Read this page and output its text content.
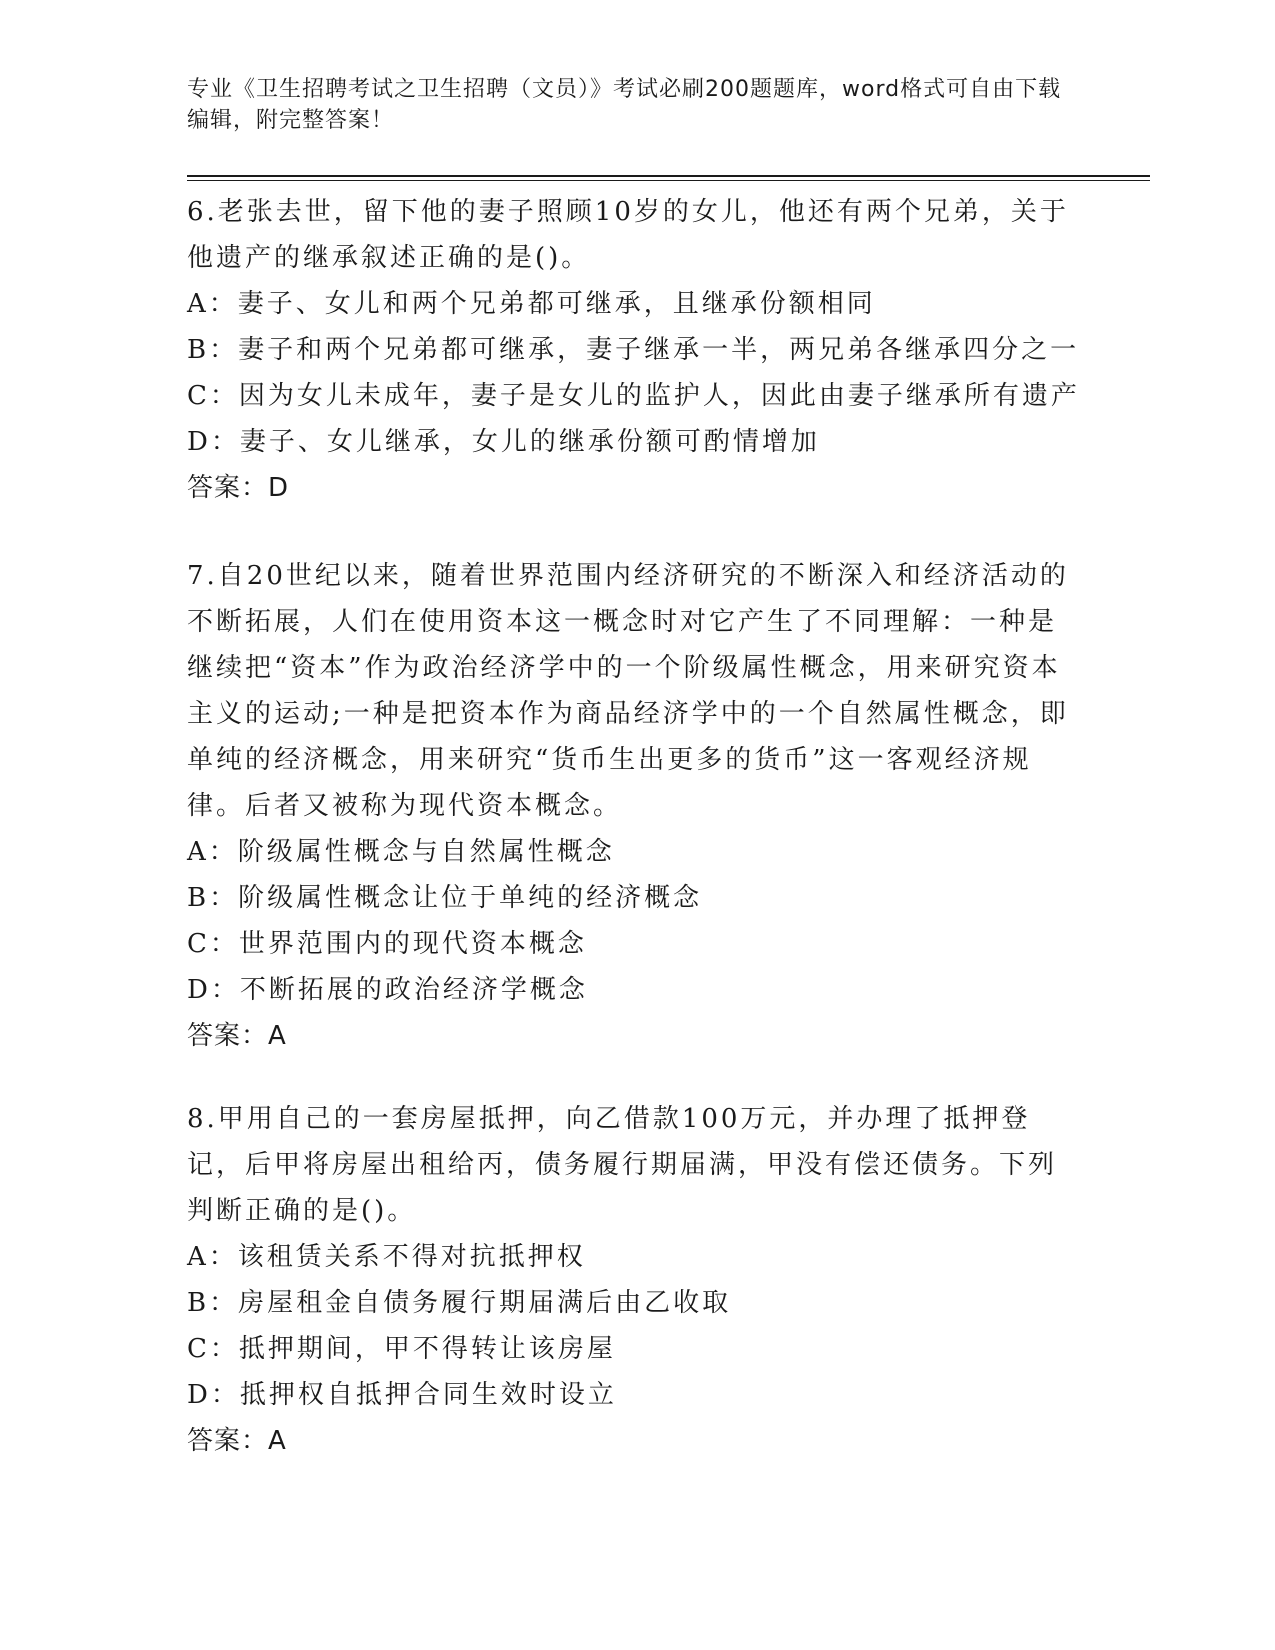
专业《卫生招聘考试之卫生招聘（文员）》考试必刷200题题库，word格式可自由下载编辑，附完整答案！

6.老张去世，留下他的妻子照顾10岁的女儿，他还有两个兄弟，关于他遗产的继承叙述正确的是()。

A：妻子、女儿和两个兄弟都可继承，且继承份额相同

B：妻子和两个兄弟都可继承，妻子继承一半，两兄弟各继承四分之一

C：因为女儿未成年，妻子是女儿的监护人，因此由妻子继承所有遗产

D：妻子、女儿继承，女儿的继承份额可酌情增加

答案：D

7.自20世纪以来，随着世界范围内经济研究的不断深入和经济活动的不断拓展，人们在使用资本这一概念时对它产生了不同理解：一种是继续把“资本”作为政治经济学中的一个阶级属性概念，用来研究资本主义的运动;一种是把资本作为商品经济学中的一个自然属性概念，即单纯的经济概念，用来研究“货币生出更多的货币”这一客观经济规律。后者又被称为现代资本概念。

A：阶级属性概念与自然属性概念

B：阶级属性概念让位于单纯的经济概念

C：世界范围内的现代资本概念

D：不断拓展的政治经济学概念

答案：A

8.甲用自己的一套房屋抵押，向乙借款100万元，并办理了抵押登记，后甲将房屋出租给丙，债务履行期届满，甲没有偿还债务。下列判断正确的是()。

A：该租赁关系不得对抗抵押权

B：房屋租金自债务履行期届满后由乙收取

C：抵押期间，甲不得转让该房屋

D：抵押权自抵押合同生效时设立

答案：A
